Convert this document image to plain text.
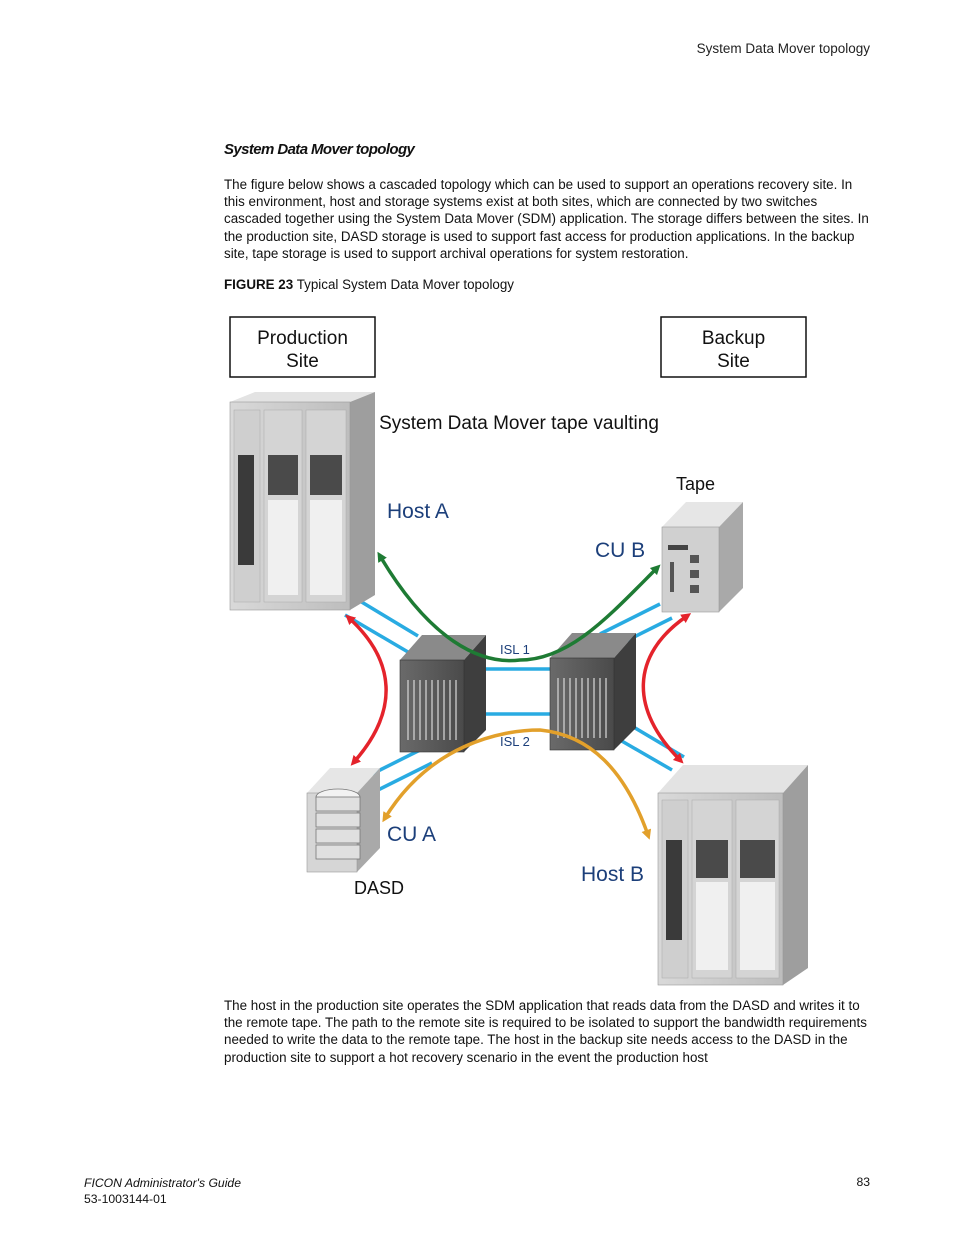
System Data Mover topology
System Data Mover topology

The figure below shows a cascaded topology which can be used to support an operations recovery site. In this environment, host and storage systems exist at both sites, which are connected by two switches cascaded together using the System Data Mover (SDM) application. The storage differs between the sites. In the production site, DASD storage is used to support fast access for production applications. In the backup site, tape storage is used to support archival operations for system restoration.

FIGURE 23 Typical System Data Mover topology
Production
Site
Backup
Site
System Data Mover tape vaulting
Host A
CU B
Tape
CU A
DASD
Host B
ISL 1
ISL 2

The host in the production site operates the SDM application that reads data from the DASD and writes it to the remote tape. The path to the remote site is required to be isolated to support the bandwidth requirements needed to write the data to the remote tape. The host in the backup site needs access to the DASD in the production site to support a hot recovery scenario in the event the production host

FICON Administrator's Guide
53-1003144-01
83
